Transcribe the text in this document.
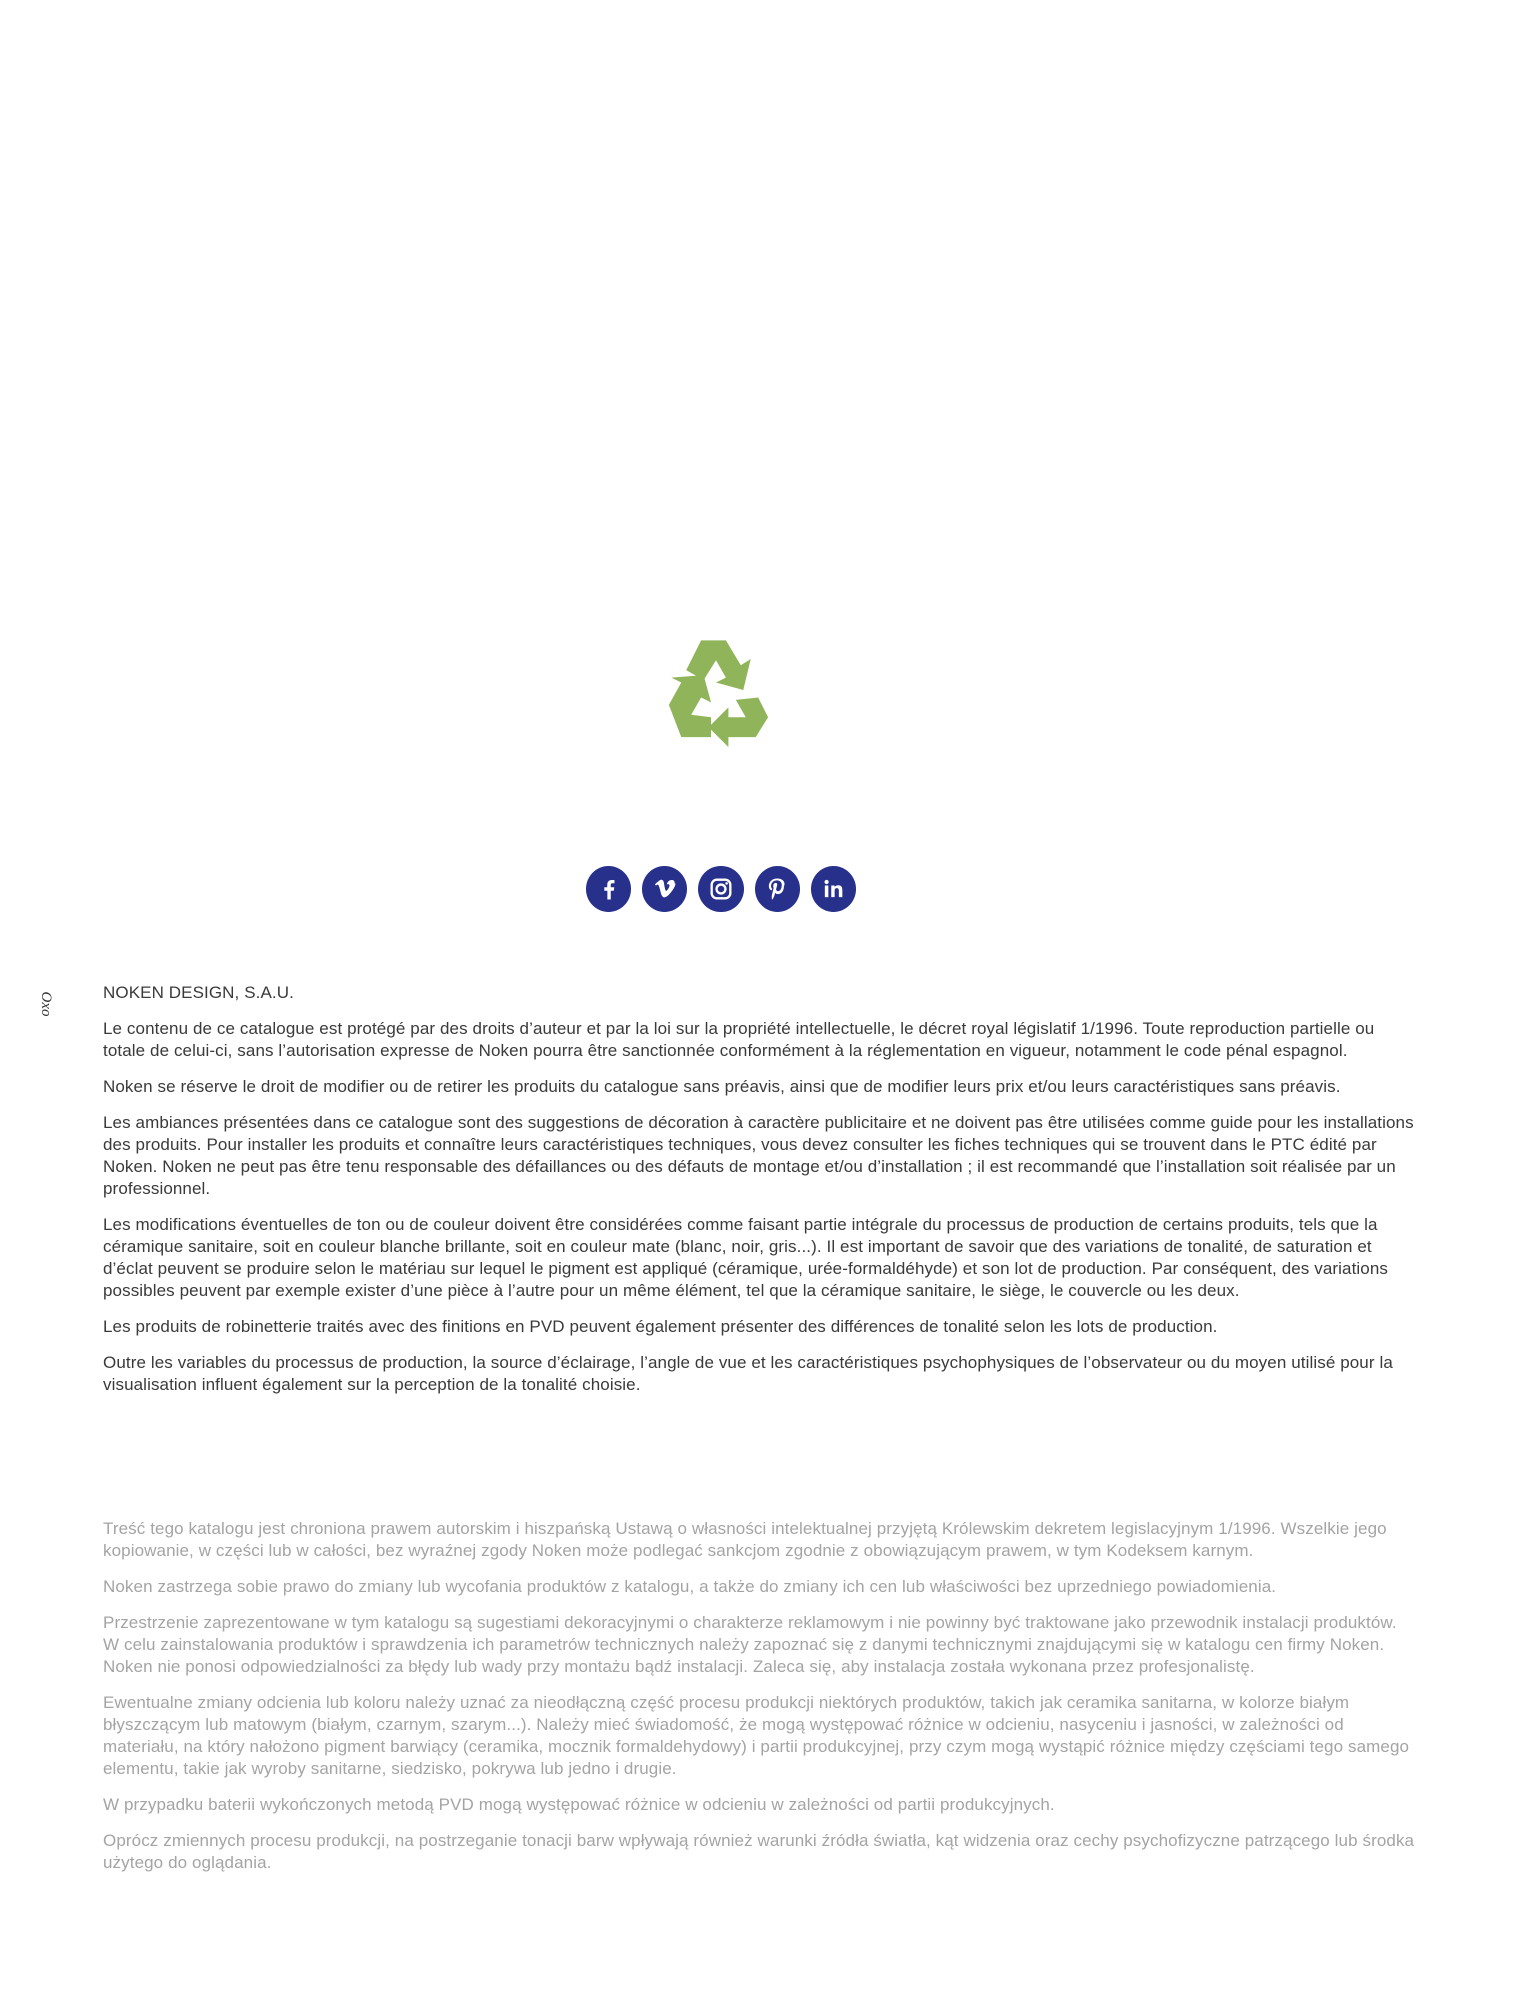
Oxo	NOKEN DESIGN, S.A.U.

Le contenu de ce catalogue est protégé par des droits d’auteur et par la loi sur la propriété intellectuelle, le décret royal législatif 1/1996. Toute reproduction partielle ou totale de celui-ci, sans l’autorisation expresse de Noken pourra être sanctionnée conformément à la réglementation en vigueur, notamment le code pénal espagnol.

Noken se réserve le droit de modifier ou de retirer les produits du catalogue sans préavis, ainsi que de modifier leurs prix et/ou leurs caractéristiques sans préavis.

Les ambiances présentées dans ce catalogue sont des suggestions de décoration à caractère publicitaire et ne doivent pas être utilisées comme guide pour les installations des produits. Pour installer les produits et connaître leurs caractéristiques techniques, vous devez consulter les fiches techniques qui se trouvent dans le PTC édité par Noken. Noken ne peut pas être tenu responsable des défaillances ou des défauts de montage et/ou d’installation ; il est recommandé que l’installation soit réalisée par un professionnel.

Les modifications éventuelles de ton ou de couleur doivent être considérées comme faisant partie intégrale du processus de production de certains produits, tels que la céramique sanitaire, soit en couleur blanche brillante, soit en couleur mate (blanc, noir, gris...). Il est important de savoir que des variations de tonalité, de saturation et d’éclat peuvent se produire selon le matériau sur lequel le pigment est appliqué (céramique, urée-formaldéhyde) et son lot de production. Par conséquent, des variations possibles peuvent par exemple exister d’une pièce à l’autre pour un même élément, tel que la céramique sanitaire, le siège, le couvercle ou les deux.

Les produits de robinetterie traités avec des finitions en PVD peuvent également présenter des différences de tonalité selon les lots de production.

Outre les variables du processus de production, la source d’éclairage, l’angle de vue et les caractéristiques psychophysiques de l’observateur ou du moyen utilisé pour la visualisation influent également sur la perception de la tonalité choisie.

Treść tego katalogu jest chroniona prawem autorskim i hiszpańską Ustawą o własności intelektualnej przyjętą Królewskim dekretem legislacyjnym 1/1996. Wszelkie jego kopiowanie, w części lub w całości, bez wyraźnej zgody Noken może podlegać sankcjom zgodnie z obowiązującym prawem, w tym Kodeksem karnym.

Noken zastrzega sobie prawo do zmiany lub wycofania produktów z katalogu, a także do zmiany ich cen lub właściwości bez uprzedniego powiadomienia.

Przestrzenie zaprezentowane w tym katalogu są sugestiami dekoracyjnymi o charakterze reklamowym i nie powinny być traktowane jako przewodnik instalacji produktów. W celu zainstalowania produktów i sprawdzenia ich parametrów technicznych należy zapoznać się z danymi technicznymi znajdującymi się w katalogu cen firmy Noken. Noken nie ponosi odpowiedzialności za błędy lub wady przy montażu bądź instalacji. Zaleca się, aby instalacja została wykonana przez profesjonalistę.

Ewentualne zmiany odcienia lub koloru należy uznać za nieodłączną część procesu produkcji niektórych produktów, takich jak ceramika sanitarna, w kolorze białym błyszczącym lub matowym (białym, czarnym, szarym...). Należy mieć świadomość, że mogą występować różnice w odcieniu, nasyceniu i jasności, w zależności od materiału, na który nałożono pigment barwiący (ceramika, mocznik formaldehydowy) i partii produkcyjnej, przy czym mogą wystąpić różnice między częściami tego samego elementu, takie jak wyroby sanitarne, siedzisko, pokrywa lub jedno i drugie.

W przypadku baterii wykończonych metodą PVD mogą występować różnice w odcieniu w zależności od partii produkcyjnych.

Oprócz zmiennych procesu produkcji, na postrzeganie tonacji barw wpływają również warunki źródła światła, kąt widzenia oraz cechy psychofizyczne patrzącego lub środka użytego do oglądania.
